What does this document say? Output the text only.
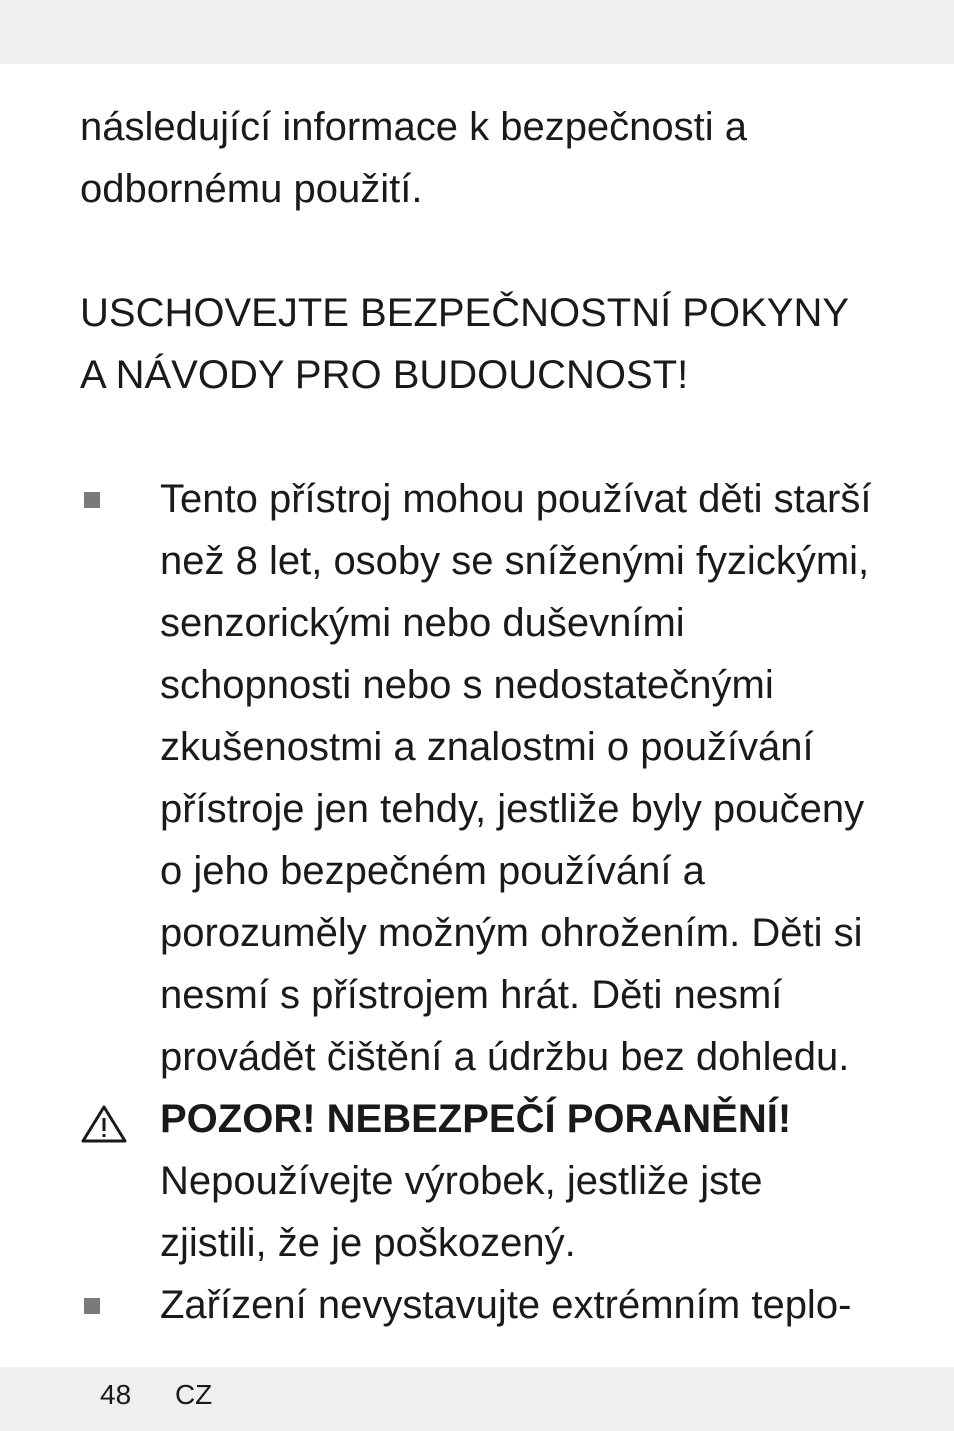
následující informace k bezpečnosti a odbornému použití.

USCHOVEJTE BEZPEČNOSTNÍ POKYNY A NÁVODY PRO BUDOUCNOST!

Tento přístroj mohou používat děti starší než 8 let, osoby se sníženými fyzickými, senzorickými nebo duševními schopnosti nebo s nedostatečnými zkušenostmi a znalostmi o používání přístroje jen tehdy, jestliže byly poučeny o jeho bezpečném používání a porozuměly možným ohrožením. Děti si nesmí s přístrojem hrát. Děti nesmí provádět čištění a údržbu bez dohledu.
POZOR! NEBEZPEČÍ PORANĚNÍ! Nepoužívejte výrobek, jestliže jste zjistili, že je poškozený.
Zařízení nevystavujte extrémním teplo-
48 CZ
